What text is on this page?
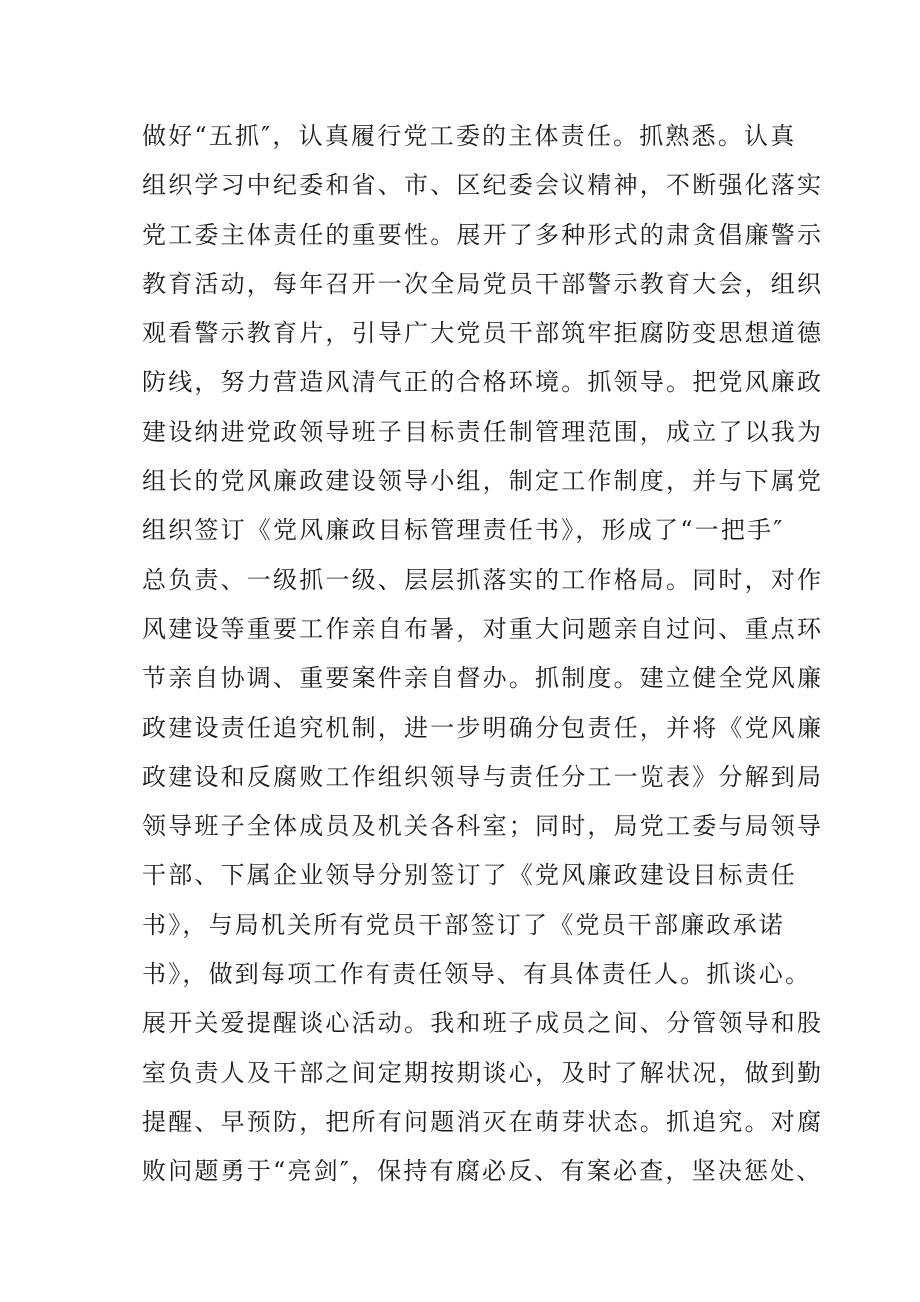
做好“五抓″，认真履行党工委的主体责任。抓熟悉。认真
组织学习中纪委和省、市、区纪委会议精神，不断强化落实
党工委主体责任的重要性。展开了多种形式的肃贪倡廉警示
教育活动，每年召开一次全局党员干部警示教育大会，组织
观看警示教育片，引导广大党员干部筑牢拒腐防变思想道德
防线，努力营造风清气正的合格环境。抓领导。把党风廉政
建设纳进党政领导班子目标责任制管理范围，成立了以我为
组长的党风廉政建设领导小组，制定工作制度，并与下属党
组织签订《党风廉政目标管理责任书》，形成了“一把手″
总负责、一级抓一级、层层抓落实的工作格局。同时，对作
风建设等重要工作亲自布暑，对重大问题亲自过问、重点环
节亲自协调、重要案件亲自督办。抓制度。建立健全党风廉
政建设责任追究机制，进一步明确分包责任，并将《党风廉
政建设和反腐败工作组织领导与责任分工一览表》分解到局
领导班子全体成员及机关各科室；同时，局党工委与局领导
干部、下属企业领导分别签订了《党风廉政建设目标责任
书》，与局机关所有党员干部签订了《党员干部廉政承诺
书》，做到每项工作有责任领导、有具体责任人。抓谈心。
展开关爱提醒谈心活动。我和班子成员之间、分管领导和股
室负责人及干部之间定期按期谈心，及时了解状况，做到勤
提醒、早预防，把所有问题消灭在萌芽状态。抓追究。对腐
败问题勇于“亮剑″，保持有腐必反、有案必查，坚决惩处、
